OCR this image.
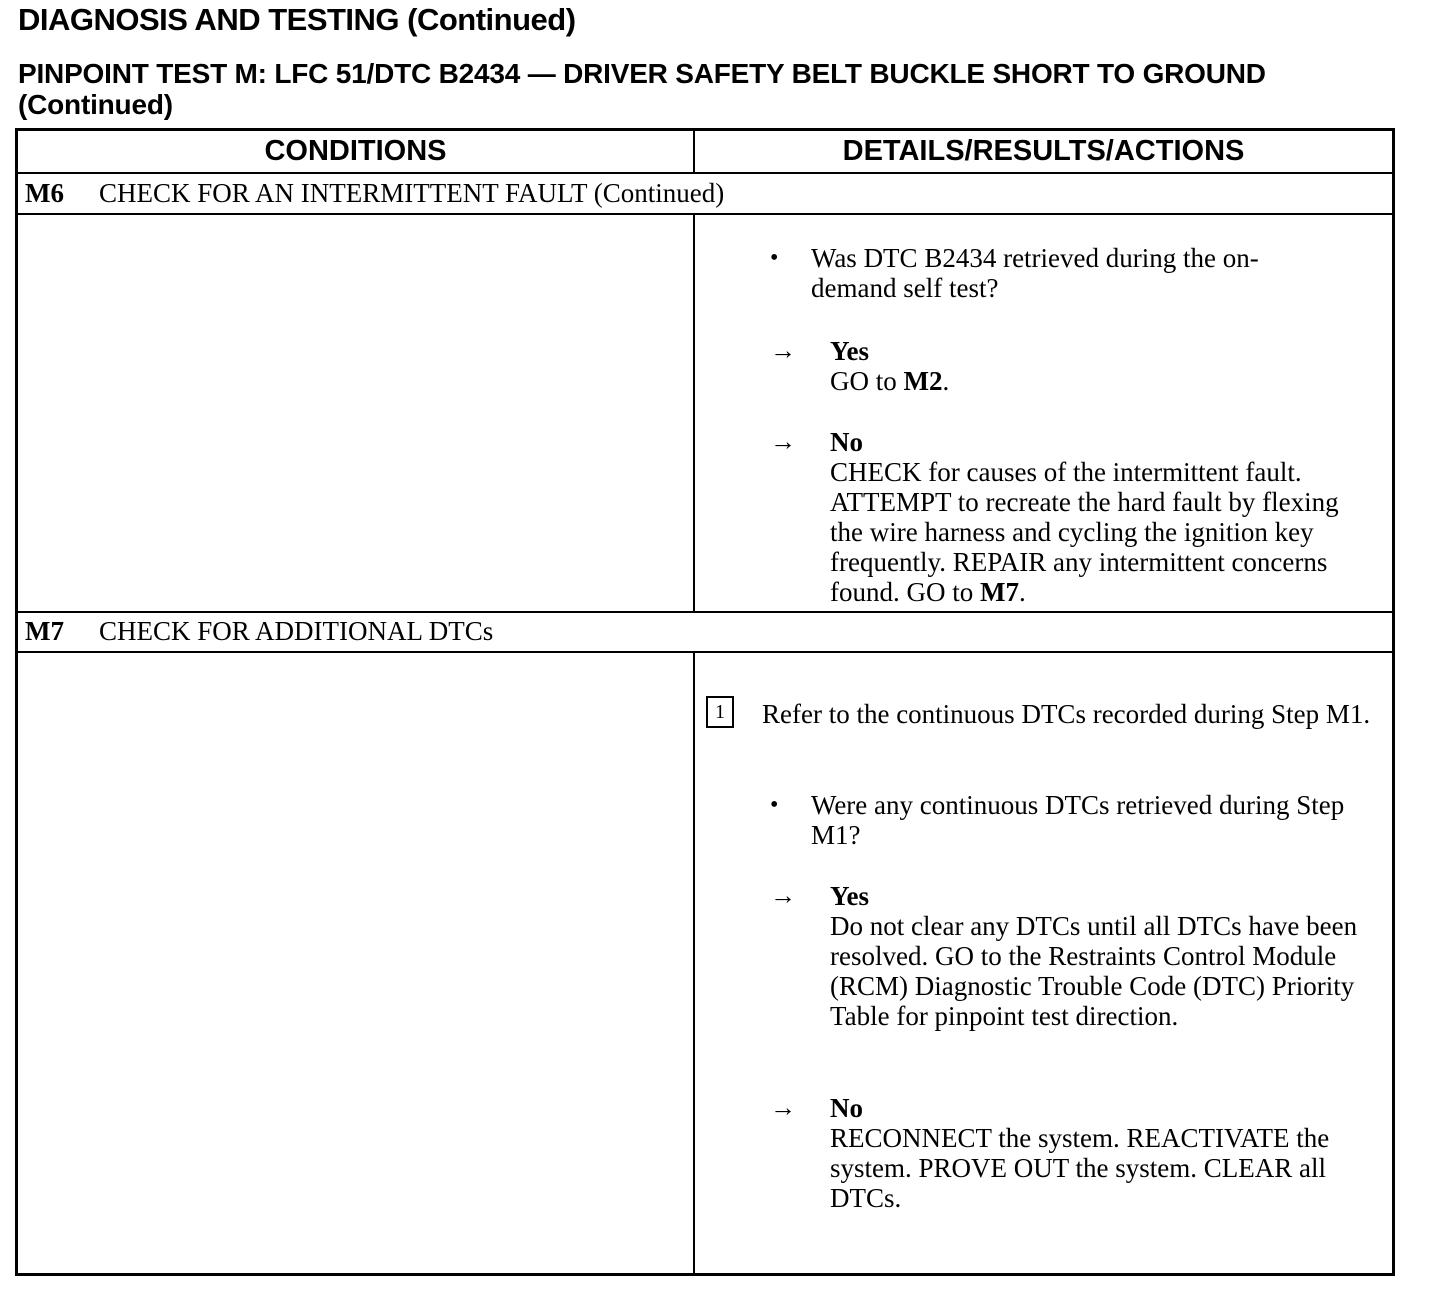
DIAGNOSIS AND TESTING (Continued)
PINPOINT TEST M: LFC 51/DTC B2434 — DRIVER SAFETY BELT BUCKLE SHORT TO GROUND (Continued)
CONDITIONS	DETAILS/RESULTS/ACTIONS
M6 CHECK FOR AN INTERMITTENT FAULT (Continued)
• Was DTC B2434 retrieved during the on-demand self test?
→ Yes
GO to M2.
→ No
CHECK for causes of the intermittent fault. ATTEMPT to recreate the hard fault by flexing the wire harness and cycling the ignition key frequently. REPAIR any intermittent concerns found. GO to M7.
M7 CHECK FOR ADDITIONAL DTCs
1	Refer to the continuous DTCs recorded during Step M1.
• Were any continuous DTCs retrieved during Step M1?
→ Yes
Do not clear any DTCs until all DTCs have been resolved. GO to the Restraints Control Module (RCM) Diagnostic Trouble Code (DTC) Priority Table for pinpoint test direction.
→ No
RECONNECT the system. REACTIVATE the system. PROVE OUT the system. CLEAR all DTCs.
